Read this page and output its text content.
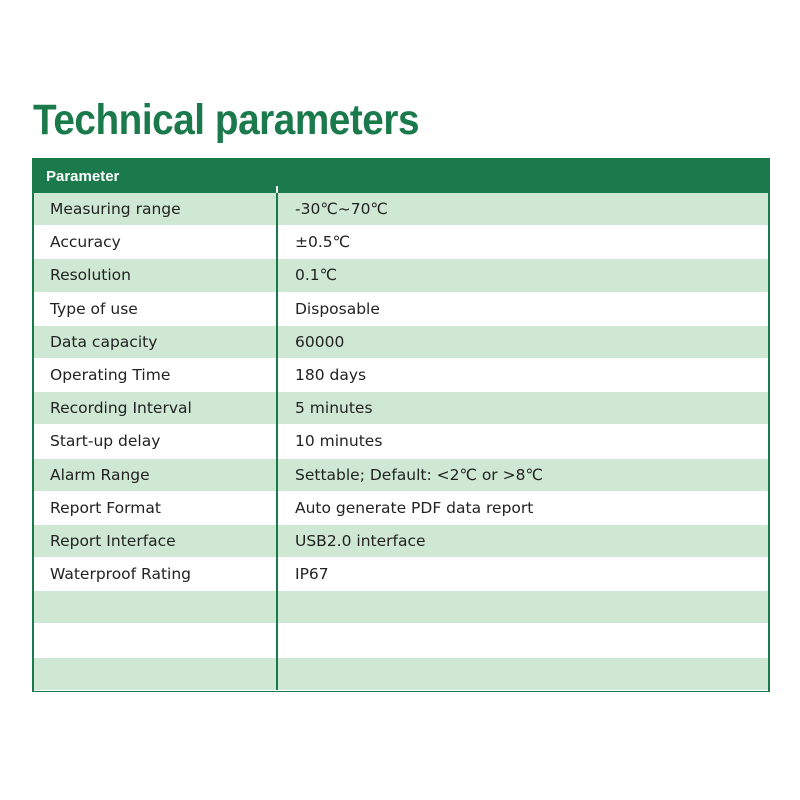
Technical parameters
Parameter
Measuring range	-30℃~70℃
Accuracy	±0.5℃
Resolution	0.1℃
Type of use	Disposable
Data capacity	60000
Operating Time	180 days
Recording Interval	5 minutes
Start-up delay	10 minutes
Alarm Range	Settable; Default: <2℃ or >8℃
Report Format	Auto generate PDF data report
Report Interface	USB2.0 interface
Waterproof Rating	IP67
